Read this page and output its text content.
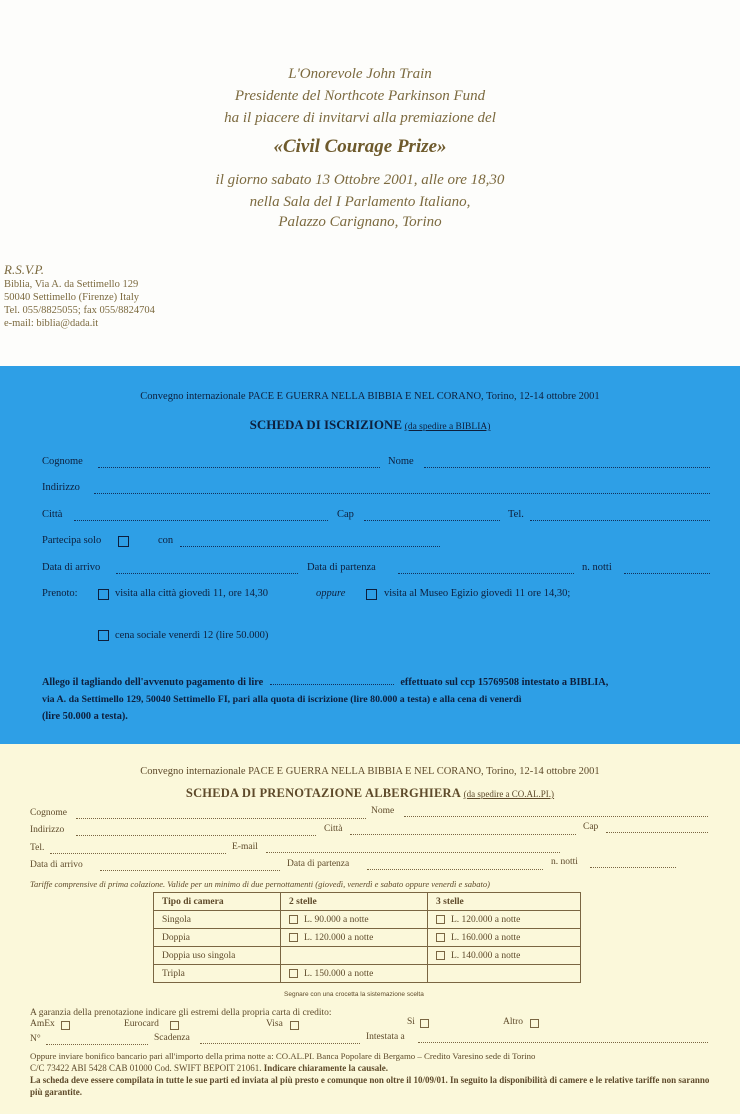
L'Onorevole John Train
Presidente del Northcote Parkinson Fund
ha il piacere di invitarvi alla premiazione del
«Civil Courage Prize»
il giorno sabato 13 Ottobre 2001, alle ore 18,30
nella Sala del I Parlamento Italiano,
Palazzo Carignano, Torino
R.S.V.P.
Biblia, Via A. da Settimello 129
50040 Settimello (Firenze) Italy
Tel. 055/8825055; fax 055/8824704
e-mail: biblia@dada.it
Convegno internazionale PACE E GUERRA NELLA BIBBIA E NEL CORANO, Torino, 12-14 ottobre 2001
SCHEDA DI ISCRIZIONE (da spedire a BIBLIA)
Cognome	Nome
Indirizzo
Città	Cap	Tel.
Partecipa solo	con
Data di arrivo	Data di partenza	n. notti
Prenoto:	visita alla città giovedì 11, ore 14,30	oppure	visita al Museo Egizio giovedì 11 ore 14,30;
cena sociale venerdì 12 (lire 50.000)
Allego il tagliando dell'avvenuto pagamento di lire	effettuato sul ccp 15769508 intestato a BIBLIA,
via A. da Settimello 129, 50040 Settimello FI, pari alla quota di iscrizione (lire 80.000 a testa) e alla cena di venerdì
(lire 50.000 a testa).
Convegno internazionale PACE E GUERRA NELLA BIBBIA E NEL CORANO, Torino, 12-14 ottobre 2001
SCHEDA DI PRENOTAZIONE ALBERGHIERA (da spedire a CO.AL.PI.)
Cognome	Nome
Indirizzo	Città	Cap
Tel.	E-mail
Data di arrivo	Data di partenza	n. notti
Tariffe comprensive di prima colazione. Valide per un minimo di due pernottamenti (giovedì, venerdì e sabato oppure venerdì e sabato)
Tipo di camera	2 stelle	3 stelle
Singola	L. 90.000 a notte	L. 120.000 a notte
Doppia	L. 120.000 a notte	L. 160.000 a notte
Doppia uso singola		L. 140.000 a notte
Tripla	L. 150.000 a notte	
Segnare con una crocetta la sistemazione scelta
A garanzia della prenotazione indicare gli estremi della propria carta di credito:
AmEx	Eurocard	Visa	Si	Altro
N°	Scadenza	Intestata a
Oppure inviare bonifico bancario pari all'importo della prima notte a: CO.AL.PI. Banca Popolare di Bergamo – Credito Varesino sede di Torino
C/C 73422 ABI 5428 CAB 01000 Cod. SWIFT BEPOIT 21061. Indicare chiaramente la causale.
La scheda deve essere compilata in tutte le sue parti ed inviata al più presto e comunque non oltre il 10/09/01. In seguito la disponibilità di camere e le relative tariffe non saranno più garantite.
